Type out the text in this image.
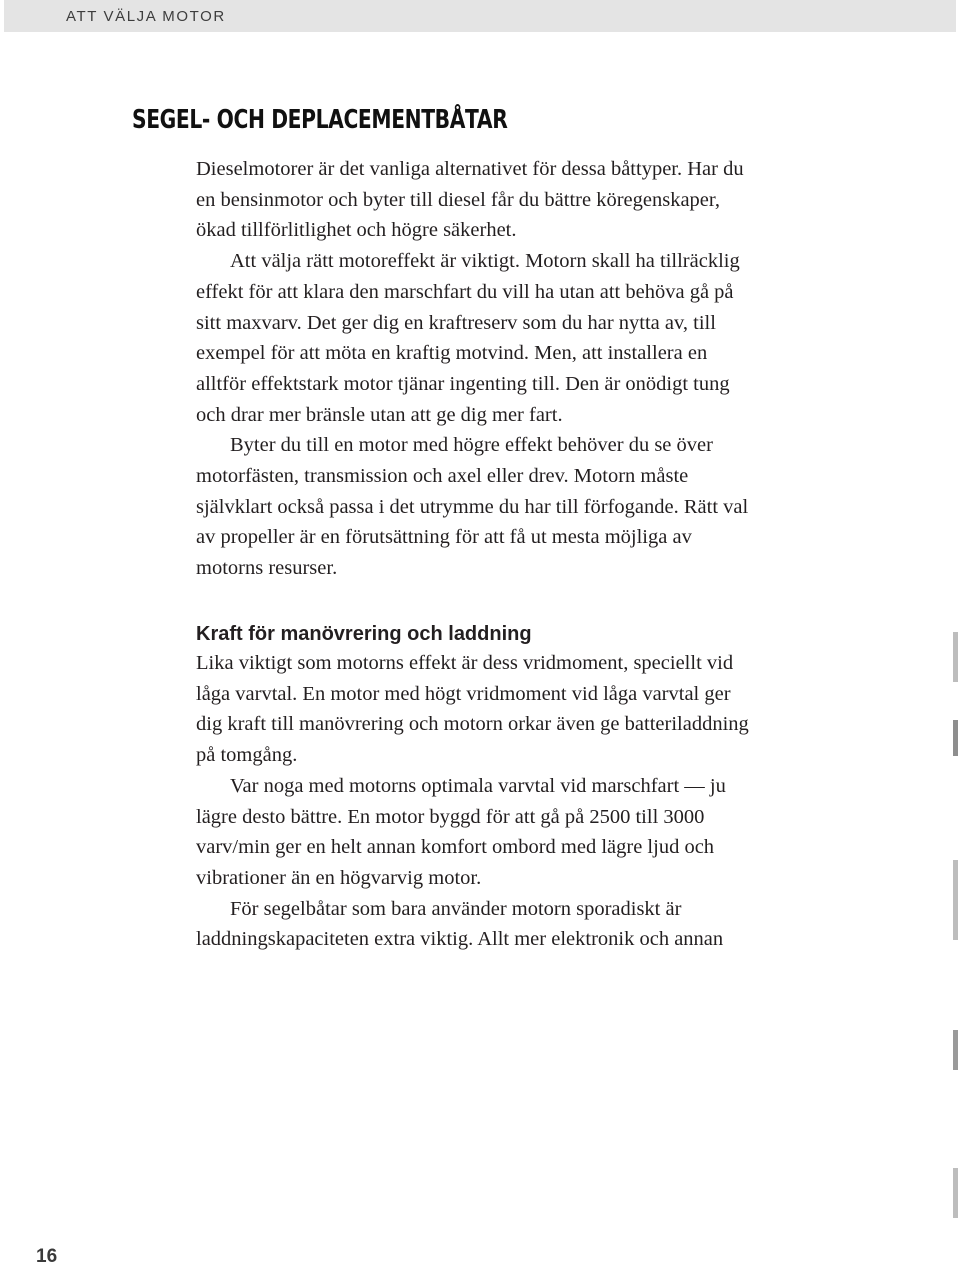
ATT VÄLJA MOTOR
SEGEL- OCH DEPLACEMENTBÅTAR

Dieselmotorer är det vanliga alternativet för dessa båttyper. Har du

en bensinmotor och byter till diesel får du bättre köregenskaper,

ökad tillförlitlighet och högre säkerhet.

Att välja rätt motoreffekt är viktigt. Motorn skall ha tillräcklig

effekt för att klara den marschfart du vill ha utan att behöva gå på

sitt maxvarv. Det ger dig en kraftreserv som du har nytta av, till

exempel för att möta en kraftig motvind. Men, att installera en

alltför effektstark motor tjänar ingenting till. Den är onödigt tung

och drar mer bränsle utan att ge dig mer fart.

Byter du till en motor med högre effekt behöver du se över

motorfästen, transmission och axel eller drev. Motorn måste

självklart också passa i det utrymme du har till förfogande. Rätt val

av propeller är en förutsättning för att få ut mesta möjliga av

motorns resurser.

Kraft för manövrering och laddning

Lika viktigt som motorns effekt är dess vridmoment, speciellt vid

låga varvtal. En motor med högt vridmoment vid låga varvtal ger

dig kraft till manövrering och motorn orkar även ge batteriladdning

på tomgång.

Var noga med motorns optimala varvtal vid marschfart — ju

lägre desto bättre. En motor byggd för att gå på 2500 till 3000

varv/min ger en helt annan komfort ombord med lägre ljud och

vibrationer än en högvarvig motor.

För segelbåtar som bara använder motorn sporadiskt är

laddningskapaciteten extra viktig. Allt mer elektronik och annan

16
